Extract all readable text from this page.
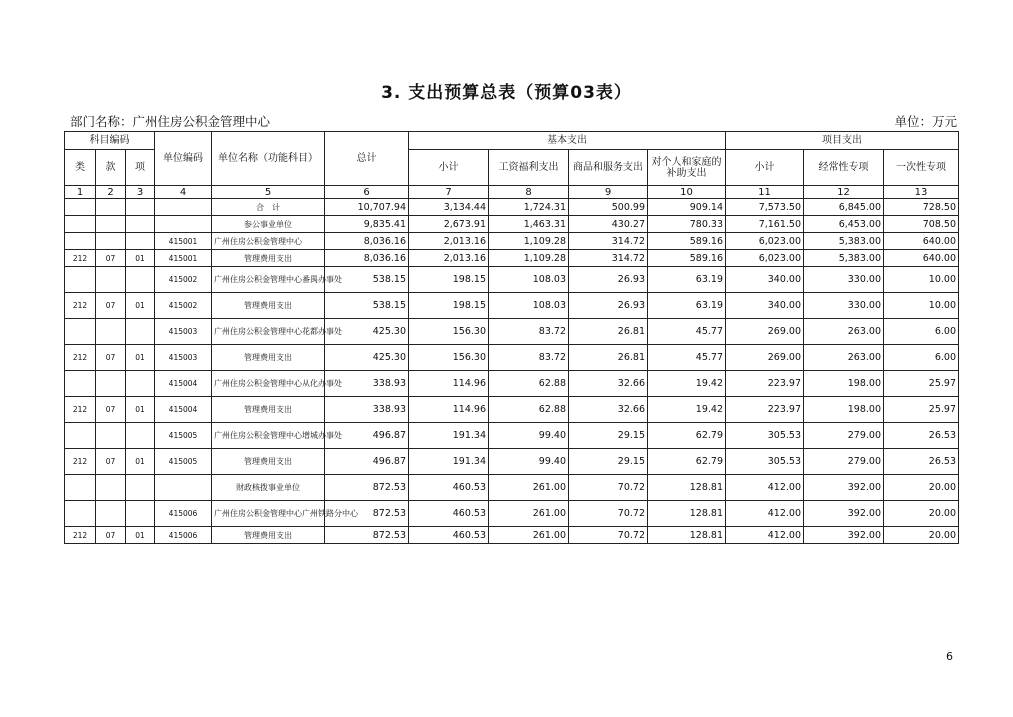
3. 支出预算总表（预算03表）
部门名称：广州住房公积金管理中心	单位：万元
科目编码			单位编码	单位名称（功能科目）	总计	基本支出				项目支出		
类	款	项				小计	工资福利支出	商品和服务支出	对个人和家庭的补助支出	小计	经常性专项	一次性专项
1	2	3	4	5	6	7	8	9	10	11	12	13
				合　计	10,707.94	3,134.44	1,724.31	500.99	909.14	7,573.50	6,845.00	728.50
				参公事业单位	9,835.41	2,673.91	1,463.31	430.27	780.33	7,161.50	6,453.00	708.50
			415001	广州住房公积金管理中心	8,036.16	2,013.16	1,109.28	314.72	589.16	6,023.00	5,383.00	640.00
212	07	01	415001	管理费用支出	8,036.16	2,013.16	1,109.28	314.72	589.16	6,023.00	5,383.00	640.00
			415002	广州住房公积金管理中心番禺办事处	538.15	198.15	108.03	26.93	63.19	340.00	330.00	10.00
212	07	01	415002	管理费用支出	538.15	198.15	108.03	26.93	63.19	340.00	330.00	10.00
			415003	广州住房公积金管理中心花都办事处	425.30	156.30	83.72	26.81	45.77	269.00	263.00	6.00
212	07	01	415003	管理费用支出	425.30	156.30	83.72	26.81	45.77	269.00	263.00	6.00
			415004	广州住房公积金管理中心从化办事处	338.93	114.96	62.88	32.66	19.42	223.97	198.00	25.97
212	07	01	415004	管理费用支出	338.93	114.96	62.88	32.66	19.42	223.97	198.00	25.97
			415005	广州住房公积金管理中心增城办事处	496.87	191.34	99.40	29.15	62.79	305.53	279.00	26.53
212	07	01	415005	管理费用支出	496.87	191.34	99.40	29.15	62.79	305.53	279.00	26.53
				财政核拨事业单位	872.53	460.53	261.00	70.72	128.81	412.00	392.00	20.00
			415006	广州住房公积金管理中心广州铁路分中心	872.53	460.53	261.00	70.72	128.81	412.00	392.00	20.00
212	07	01	415006	管理费用支出	872.53	460.53	261.00	70.72	128.81	412.00	392.00	20.00
6
